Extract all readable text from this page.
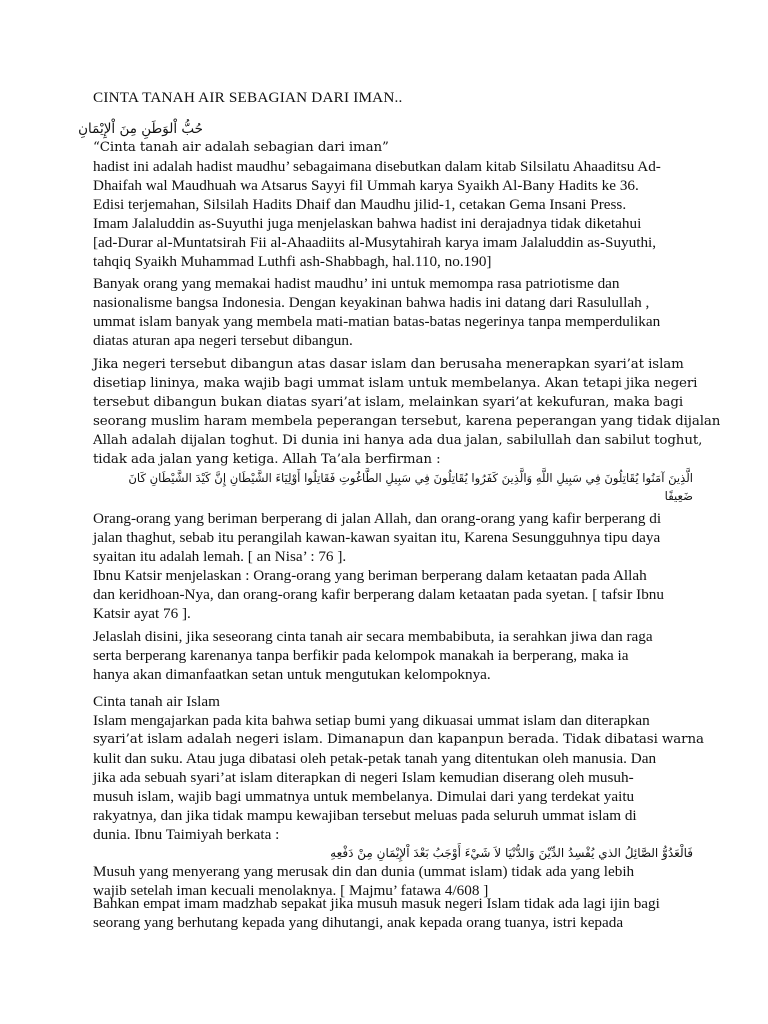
CINTA TANAH AIR SEBAGIAN DARI IMAN..
حُبُّ اْلوَطَنِ مِنَ اْلإِيْمَانِ
“Cinta tanah air adalah sebagian dari iman”
hadist ini adalah hadist maudhu’ sebagaimana disebutkan dalam kitab Silsilatu Ahaaditsu Ad-
Dhaifah wal Maudhuah wa Atsarus Sayyi fil Ummah karya Syaikh Al-Bany Hadits ke 36.
Edisi terjemahan, Silsilah Hadits Dhaif dan Maudhu jilid-1, cetakan Gema Insani Press.
Imam Jalaluddin as-Suyuthi juga menjelaskan bahwa hadist ini derajadnya tidak diketahui
[ad-Durar al-Muntatsirah Fii al-Ahaadiits al-Musytahirah karya imam Jalaluddin as-Suyuthi,
tahqiq Syaikh Muhammad Luthfi ash-Shabbagh, hal.110, no.190]
Banyak orang yang memakai hadist maudhu’ ini untuk memompa rasa patriotisme dan
nasionalisme bangsa Indonesia. Dengan keyakinan bahwa hadis ini datang dari Rasulullah ,
ummat islam banyak yang membela mati-matian batas-batas negerinya tanpa memperdulikan
diatas aturan apa negeri tersebut dibangun.
Jika negeri tersebut dibangun atas dasar islam dan berusaha menerapkan syari’at islam
disetiap lininya, maka wajib bagi ummat islam untuk membelanya. Akan tetapi jika negeri
tersebut dibangun bukan diatas syari’at islam, melainkan syari’at kekufuran, maka bagi
seorang muslim haram membela peperangan tersebut, karena peperangan yang tidak dijalan
Allah adalah dijalan toghut. Di dunia ini hanya ada dua jalan, sabilullah dan sabilut toghut,
tidak ada jalan yang ketiga. Allah Ta’ala berfirman :
الَّذِينَ آمَنُوا يُقَاتِلُونَ فِي سَبِيلِ اللَّهِ وَالَّذِينَ كَفَرُوا يُقَاتِلُونَ فِي سَبِيلِ الطَّاغُوتِ فَقَاتِلُوا أَوْلِيَاءَ الشَّيْطَانِ إِنَّ كَيْدَ الشَّيْطَانِ كَانَ
ضَعِيفًا
Orang-orang yang beriman berperang di jalan Allah, dan orang-orang yang kafir berperang di
jalan thaghut, sebab itu perangilah kawan-kawan syaitan itu, Karena Sesungguhnya tipu daya
syaitan itu adalah lemah. [ an Nisa’ : 76 ].
Ibnu Katsir menjelaskan : Orang-orang yang beriman berperang dalam ketaatan pada Allah
dan keridhoan-Nya, dan orang-orang kafir berperang dalam ketaatan pada syetan. [ tafsir Ibnu
Katsir ayat 76 ].
Jelaslah disini, jika seseorang cinta tanah air secara membabibuta, ia serahkan jiwa dan raga
serta berperang karenanya tanpa berfikir pada kelompok manakah ia berperang, maka ia
hanya akan dimanfaatkan setan untuk mengutukan kelompoknya.
Cinta tanah air Islam
Islam mengajarkan pada kita bahwa setiap bumi yang dikuasai ummat islam dan diterapkan
syari’at islam adalah negeri islam. Dimanapun dan kapanpun berada. Tidak dibatasi warna
kulit dan suku. Atau juga dibatasi oleh petak-petak tanah yang ditentukan oleh manusia. Dan
jika ada sebuah syari’at islam diterapkan di negeri Islam kemudian diserang oleh musuh-
musuh islam, wajib bagi ummatnya untuk membelanya. Dimulai dari yang terdekat yaitu
rakyatnya, dan jika tidak mampu kewajiban tersebut meluas pada seluruh ummat islam di
dunia. Ibnu Taimiyah berkata :
فَالْعَدُوُّ الصَّائِلُ الذي يُفْسِدُ الدِّيْنَ وَالدُّنْيَا لاَ شَيْءَ أَوْجَبُ بَعْدَ اْلإِيْمَانِ مِنْ دَفْعِهِ
Musuh yang menyerang yang merusak din dan dunia (ummat islam) tidak ada yang lebih
wajib setelah iman kecuali menolaknya. [ Majmu’ fatawa 4/608 ]
Bahkan empat imam madzhab sepakat jika musuh masuk negeri Islam tidak ada lagi ijin bagi
seorang yang berhutang kepada yang dihutangi, anak kepada orang tuanya, istri kepada
